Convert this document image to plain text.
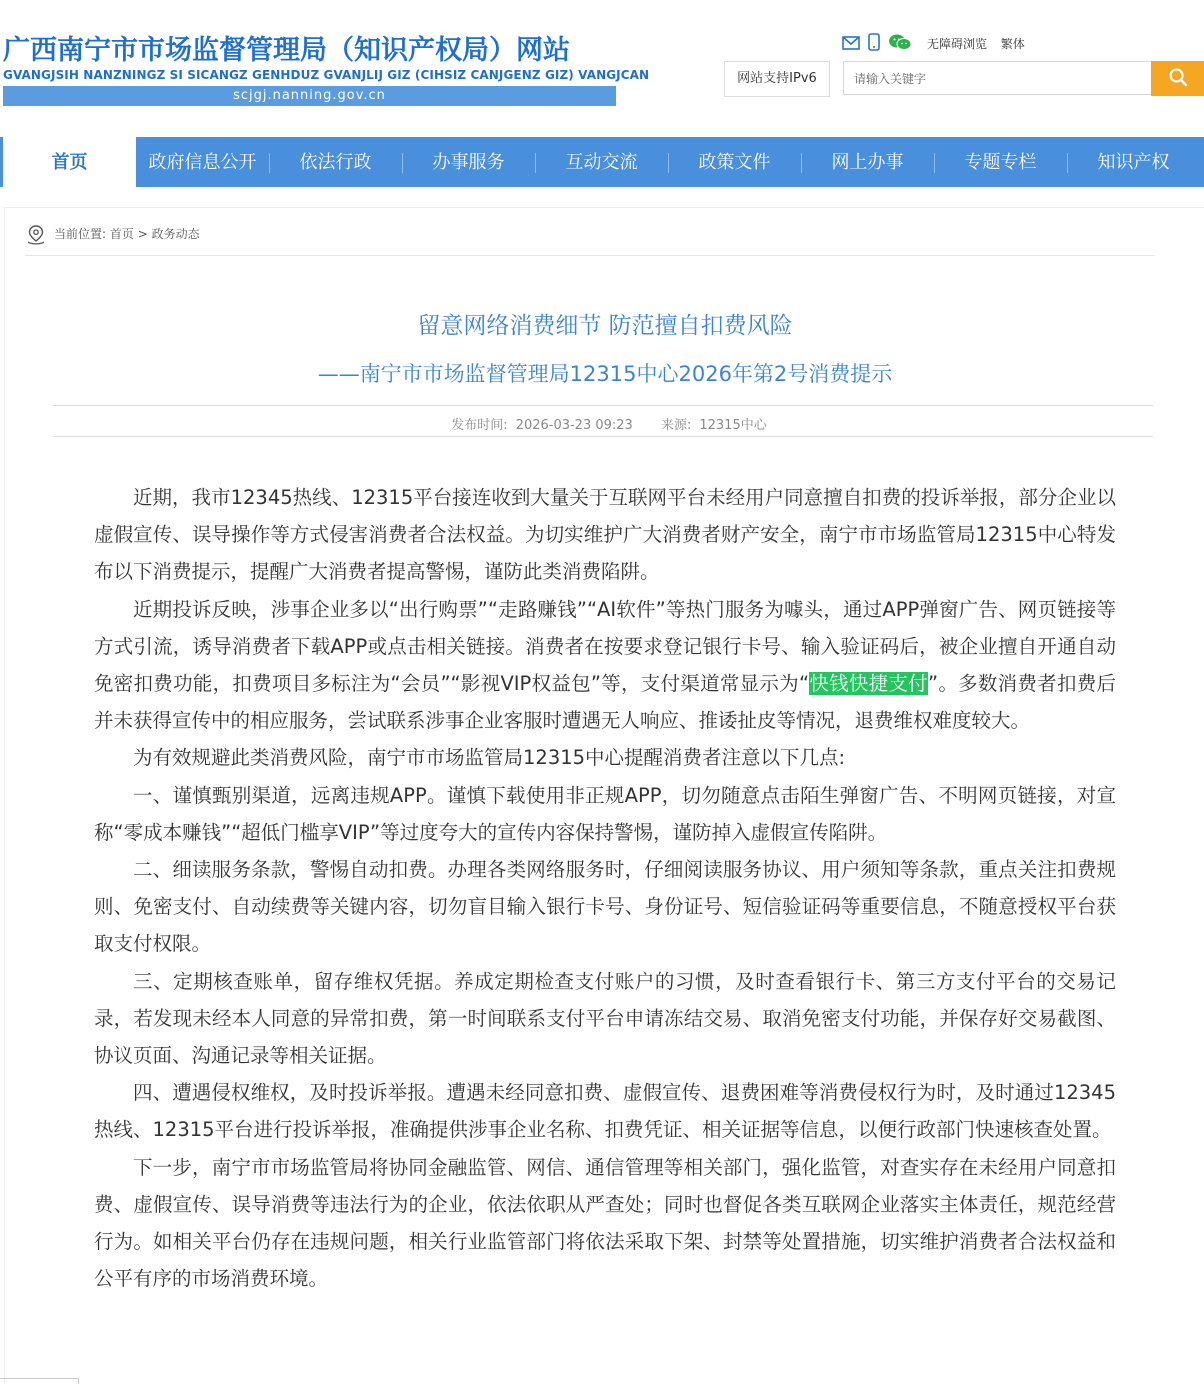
广西南宁市市场监督管理局（知识产权局）网站
GVANGJSIH NANZNINGZ SI SICANGZ GENHDUZ GVANJLIJ GIZ (CIHSIZ CANJGENZ GIZ) VANGJCAN
scjgj.nanning.gov.cn
无障碍浏览 繁体
网站支持IPv6	请输入关键字
首页	政府信息公开	依法行政	办事服务	互动交流	政策文件	网上办事	专题专栏	知识产权
当前位置: 首页 > 政务动态
留意网络消费细节 防范擅自扣费风险
——南宁市市场监督管理局12315中心2026年第2号消费提示
发布时间: 2026-03-23 09:23 来源: 12315中心

近期，我市12345热线、12315平台接连收到大量关于互联网平台未经用户同意擅自扣费的投诉举报，部分企业以虚假宣传、误导操作等方式侵害消费者合法权益。为切实维护广大消费者财产安全，南宁市市场监管局12315中心特发布以下消费提示，提醒广大消费者提高警惕，谨防此类消费陷阱。

近期投诉反映，涉事企业多以“出行购票”“走路赚钱”“AI软件”等热门服务为噱头，通过APP弹窗广告、网页链接等方式引流，诱导消费者下载APP或点击相关链接。消费者在按要求登记银行卡号、输入验证码后，被企业擅自开通自动免密扣费功能，扣费项目多标注为“会员”“影视VIP权益包”等，支付渠道常显示为“快钱快捷支付”。多数消费者扣费后并未获得宣传中的相应服务，尝试联系涉事企业客服时遭遇无人响应、推诿扯皮等情况，退费维权难度较大。

为有效规避此类消费风险，南宁市市场监管局12315中心提醒消费者注意以下几点:

一、谨慎甄别渠道，远离违规APP。谨慎下载使用非正规APP，切勿随意点击陌生弹窗广告、不明网页链接，对宣称“零成本赚钱”“超低门槛享VIP”等过度夸大的宣传内容保持警惕，谨防掉入虚假宣传陷阱。

二、细读服务条款，警惕自动扣费。办理各类网络服务时，仔细阅读服务协议、用户须知等条款，重点关注扣费规则、免密支付、自动续费等关键内容，切勿盲目输入银行卡号、身份证号、短信验证码等重要信息，不随意授权平台获取支付权限。

三、定期核查账单，留存维权凭据。养成定期检查支付账户的习惯，及时查看银行卡、第三方支付平台的交易记录，若发现未经本人同意的异常扣费，第一时间联系支付平台申请冻结交易、取消免密支付功能，并保存好交易截图、协议页面、沟通记录等相关证据。

四、遭遇侵权维权，及时投诉举报。遭遇未经同意扣费、虚假宣传、退费困难等消费侵权行为时，及时通过12345热线、12315平台进行投诉举报，准确提供涉事企业名称、扣费凭证、相关证据等信息，以便行政部门快速核查处置。

下一步，南宁市市场监管局将协同金融监管、网信、通信管理等相关部门，强化监管，对查实存在未经用户同意扣费、虚假宣传、误导消费等违法行为的企业，依法依职从严查处；同时也督促各类互联网企业落实主体责任，规范经营行为。如相关平台仍存在违规问题，相关行业监管部门将依法采取下架、封禁等处置措施，切实维护消费者合法权益和公平有序的市场消费环境。
